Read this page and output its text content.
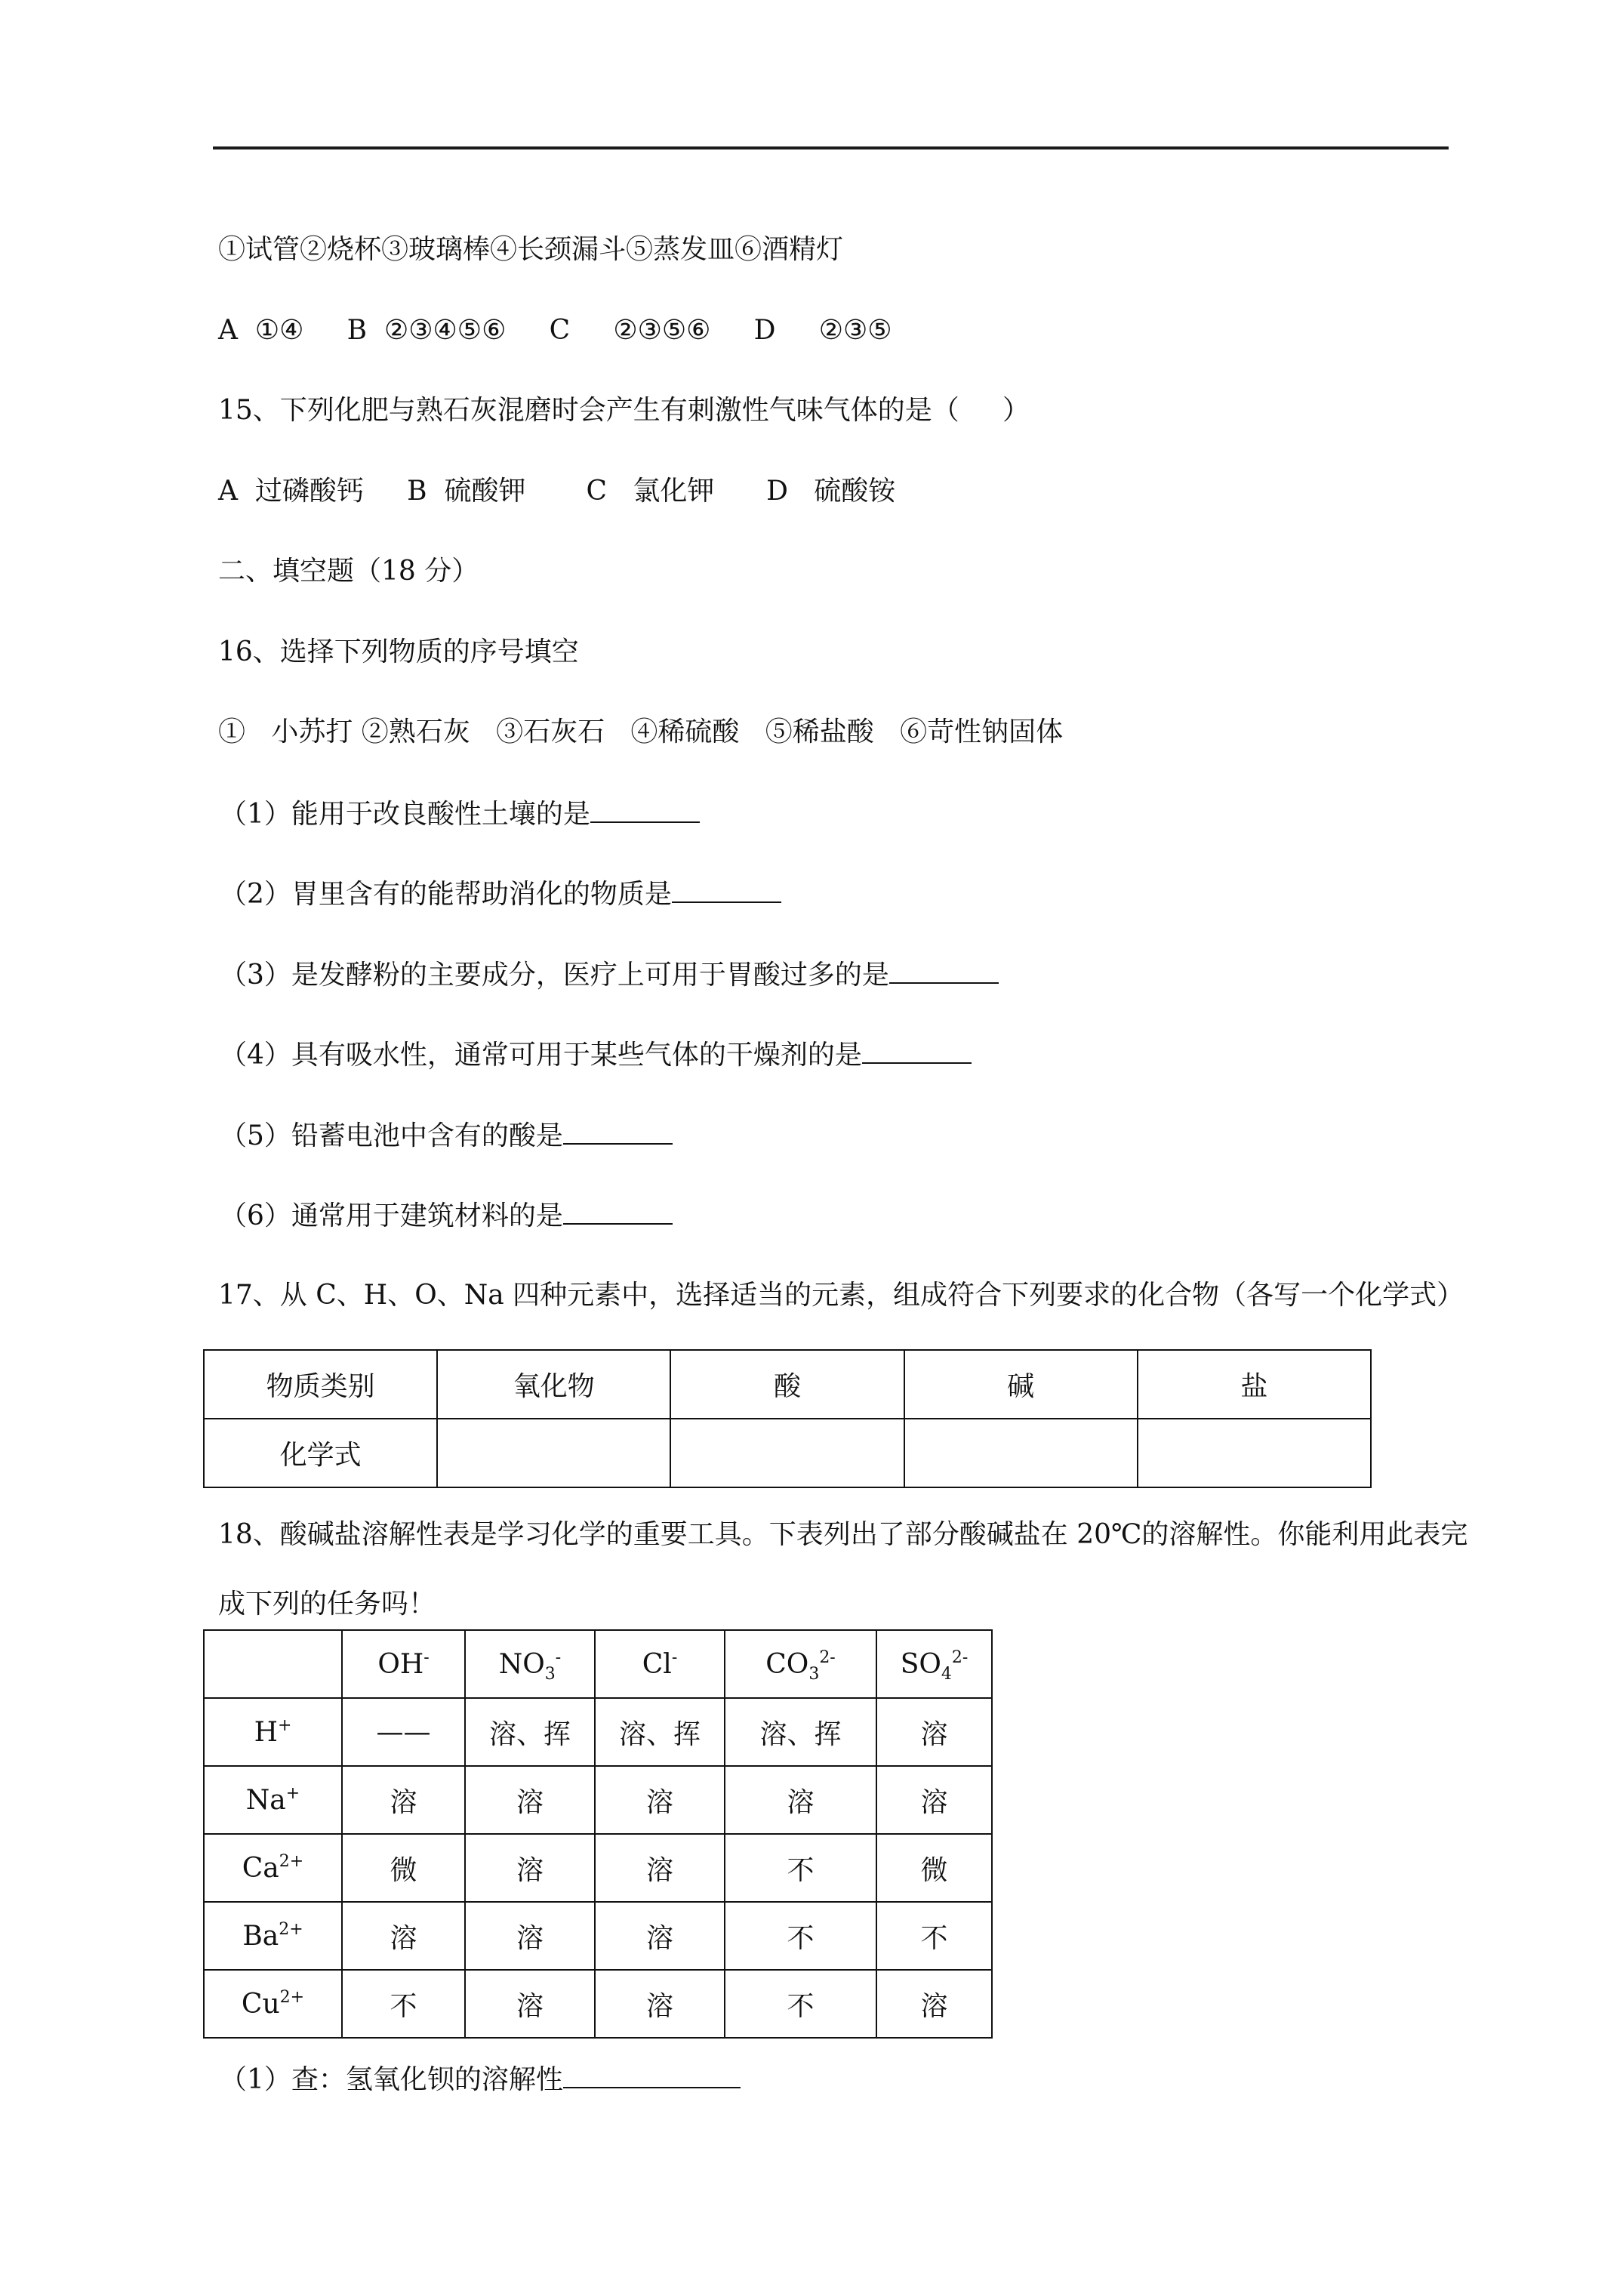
①试管②烧杯③玻璃棒④长颈漏斗⑤蒸发皿⑥酒精灯
A  ①④     B  ②③④⑤⑥     C     ②③⑤⑥     D     ②③⑤
15、下列化肥与熟石灰混磨时会产生有刺激性气味气体的是（     ）
A  过磷酸钙     B  硫酸钾       C   氯化钾      D   硫酸铵
二、填空题（18 分）
16、选择下列物质的序号填空
①   小苏打 ②熟石灰   ③石灰石   ④稀硫酸   ⑤稀盐酸   ⑥苛性钠固体
（1）能用于改良酸性土壤的是
（2）胃里含有的能帮助消化的物质是
（3）是发酵粉的主要成分，医疗上可用于胃酸过多的是
（4）具有吸水性，通常可用于某些气体的干燥剂的是
（5）铅蓄电池中含有的酸是
（6）通常用于建筑材料的是
17、从 C、H、O、Na 四种元素中，选择适当的元素，组成符合下列要求的化合物（各写一个化学式）
物质类别	氧化物	酸	碱	盐
化学式				
18、酸碱盐溶解性表是学习化学的重要工具。下表列出了部分酸碱盐在 20℃的溶解性。你能利用此表完
成下列的任务吗！
	OH-	$NO_3^-$	Cl-	$CO_3^{2-}$	$SO_4^{2-}$
H+	——	溶、挥	溶、挥	溶、挥	溶
Na+	溶	溶	溶	溶	溶
$Ca^{2+}$	微	溶	溶	不	微
$Ba^{2+}$	溶	溶	溶	不	不
$Cu^{2+}$	不	溶	溶	不	溶
（1）查：氢氧化钡的溶解性
